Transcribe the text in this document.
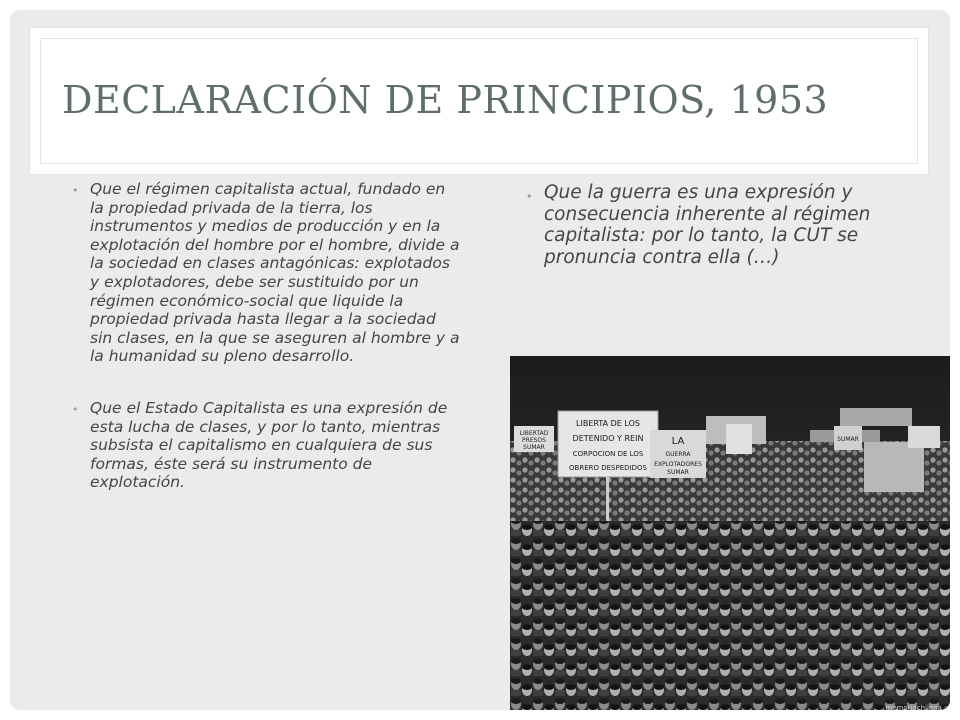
DECLARACIÓN DE PRINCIPIOS, 1953
• Que el régimen capitalista actual, fundado en la propiedad privada de la tierra, los instrumentos y medios de producción y en la explotación del hombre por el hombre, divide a la sociedad en clases antagónicas: explotados y explotadores, debe ser sustituido por un régimen económico-social que liquide la propiedad privada hasta llegar a la sociedad sin clases, en la que se aseguren al hombre y a la humanidad su pleno desarrollo.
• Que el Estado Capitalista es una expresión de esta lucha de clases, y por lo tanto, mientras subsista el capitalismo en cualquiera de sus formas, éste será su instrumento de explotación.
• Que la guerra es una expresión y consecuencia inherente al régimen capitalista: por lo tanto, la CUT se pronuncia contra ella (…)
LIBERTAD
PRESOS
SUMAR
LIBERTA DE LOS
DETENIDO Y REIN
CORPOCION DE LOS
OBRERO DESPEDIDOS
LA
GUERRA
EXPLOTADORES
SUMAR
SUMAR
memoriachilena.cl
